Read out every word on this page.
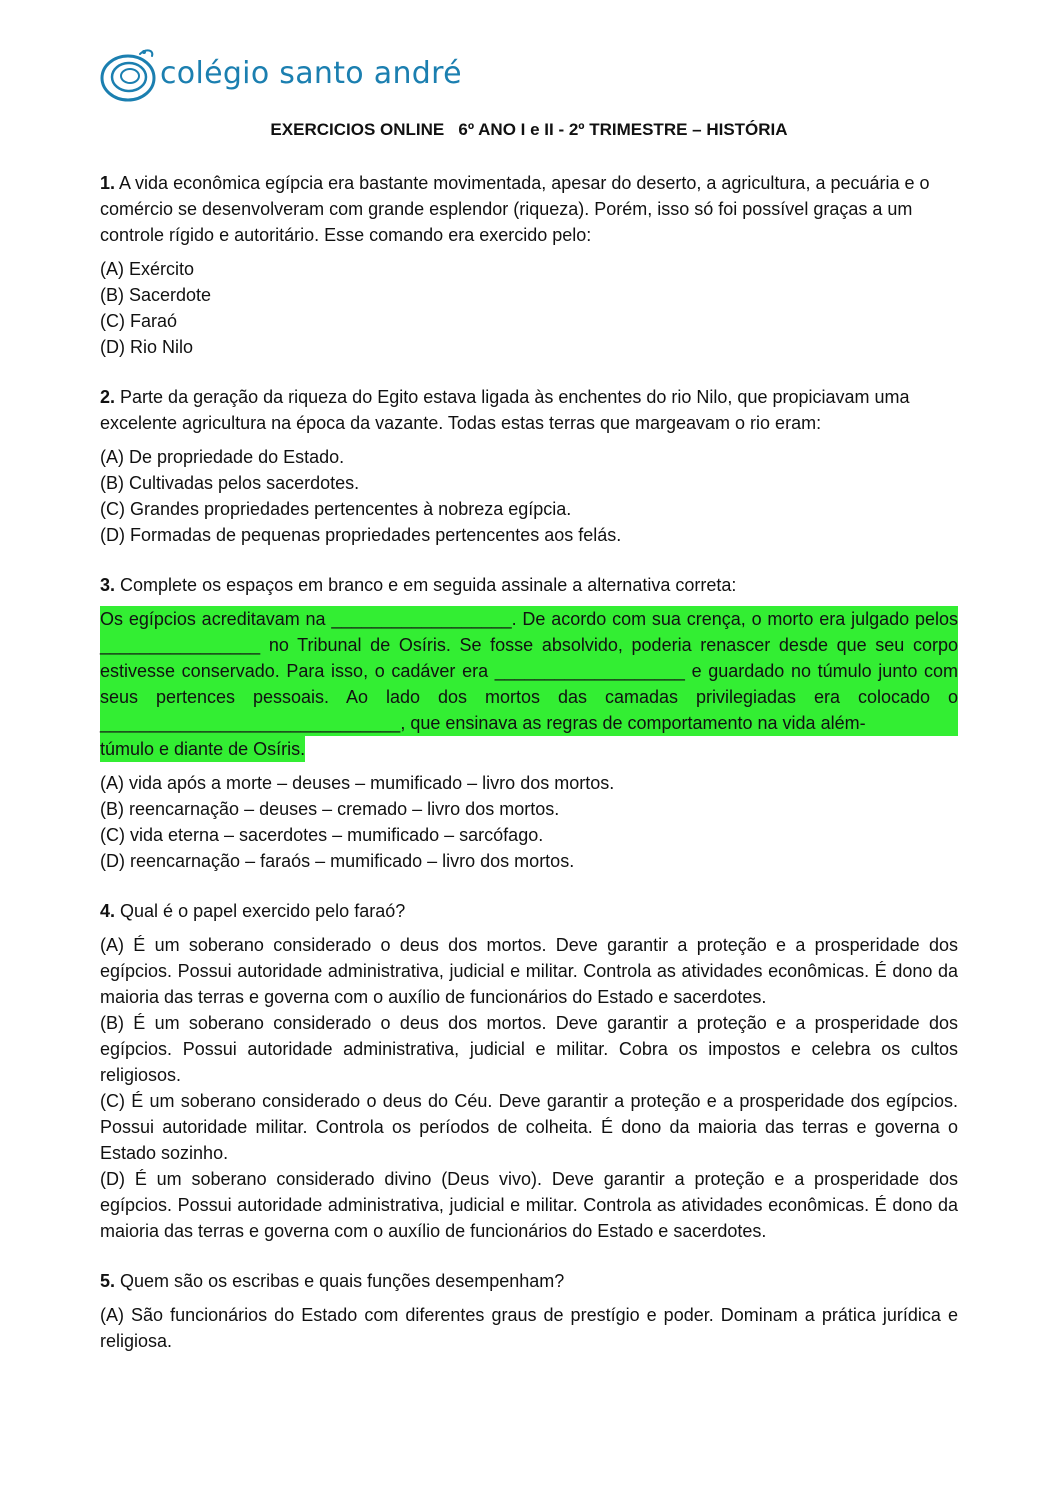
colégio santo andré
EXERCICIOS ONLINE   6º ANO I e II - 2º TRIMESTRE – HISTÓRIA

1. A vida econômica egípcia era bastante movimentada, apesar do deserto, a agricultura, a pecuária e o comércio se desenvolveram com grande esplendor (riqueza). Porém, isso só foi possível graças a um controle rígido e autoritário. Esse comando era exercido pelo:

(A) Exército

(B) Sacerdote

(C) Faraó

(D) Rio Nilo

2. Parte da geração da riqueza do Egito estava ligada às enchentes do rio Nilo, que propiciavam uma excelente agricultura na época da vazante. Todas estas terras que margeavam o rio eram:

(A) De propriedade do Estado.

(B) Cultivadas pelos sacerdotes.

(C) Grandes propriedades pertencentes à nobreza egípcia.

(D) Formadas de pequenas propriedades pertencentes aos felás.

3. Complete os espaços em branco e em seguida assinale a alternativa correta:

Os egípcios acreditavam na __________________. De acordo com sua crença, o morto era julgado pelos ________________ no Tribunal de Osíris. Se fosse absolvido, poderia renascer desde que seu corpo estivesse conservado. Para isso, o cadáver era ___________________ e guardado no túmulo junto com seus pertences pessoais. Ao lado dos mortos das camadas privilegiadas era colocado o ______________________________, que ensinava as regras de comportamento na vida além-

túmulo e diante de Osíris.

(A) vida após a morte – deuses – mumificado – livro dos mortos.

(B) reencarnação – deuses – cremado – livro dos mortos.

(C) vida eterna – sacerdotes – mumificado – sarcófago.

(D) reencarnação – faraós – mumificado – livro dos mortos.

4. Qual é o papel exercido pelo faraó?

(A) É um soberano considerado o deus dos mortos. Deve garantir a proteção e a prosperidade dos egípcios. Possui autoridade administrativa, judicial e militar. Controla as atividades econômicas. É dono da maioria das terras e governa com o auxílio de funcionários do Estado e sacerdotes.

(B) É um soberano considerado o deus dos mortos. Deve garantir a proteção e a prosperidade dos egípcios. Possui autoridade administrativa, judicial e militar. Cobra os impostos e celebra os cultos religiosos.

(C) É um soberano considerado o deus do Céu. Deve garantir a proteção e a prosperidade dos egípcios. Possui autoridade militar. Controla os períodos de colheita. É dono da maioria das terras e governa o Estado sozinho.

(D) É um soberano considerado divino (Deus vivo). Deve garantir a proteção e a prosperidade dos egípcios. Possui autoridade administrativa, judicial e militar. Controla as atividades econômicas. É dono da maioria das terras e governa com o auxílio de funcionários do Estado e sacerdotes.

5. Quem são os escribas e quais funções desempenham?

(A) São funcionários do Estado com diferentes graus de prestígio e poder. Dominam a prática jurídica e religiosa.
